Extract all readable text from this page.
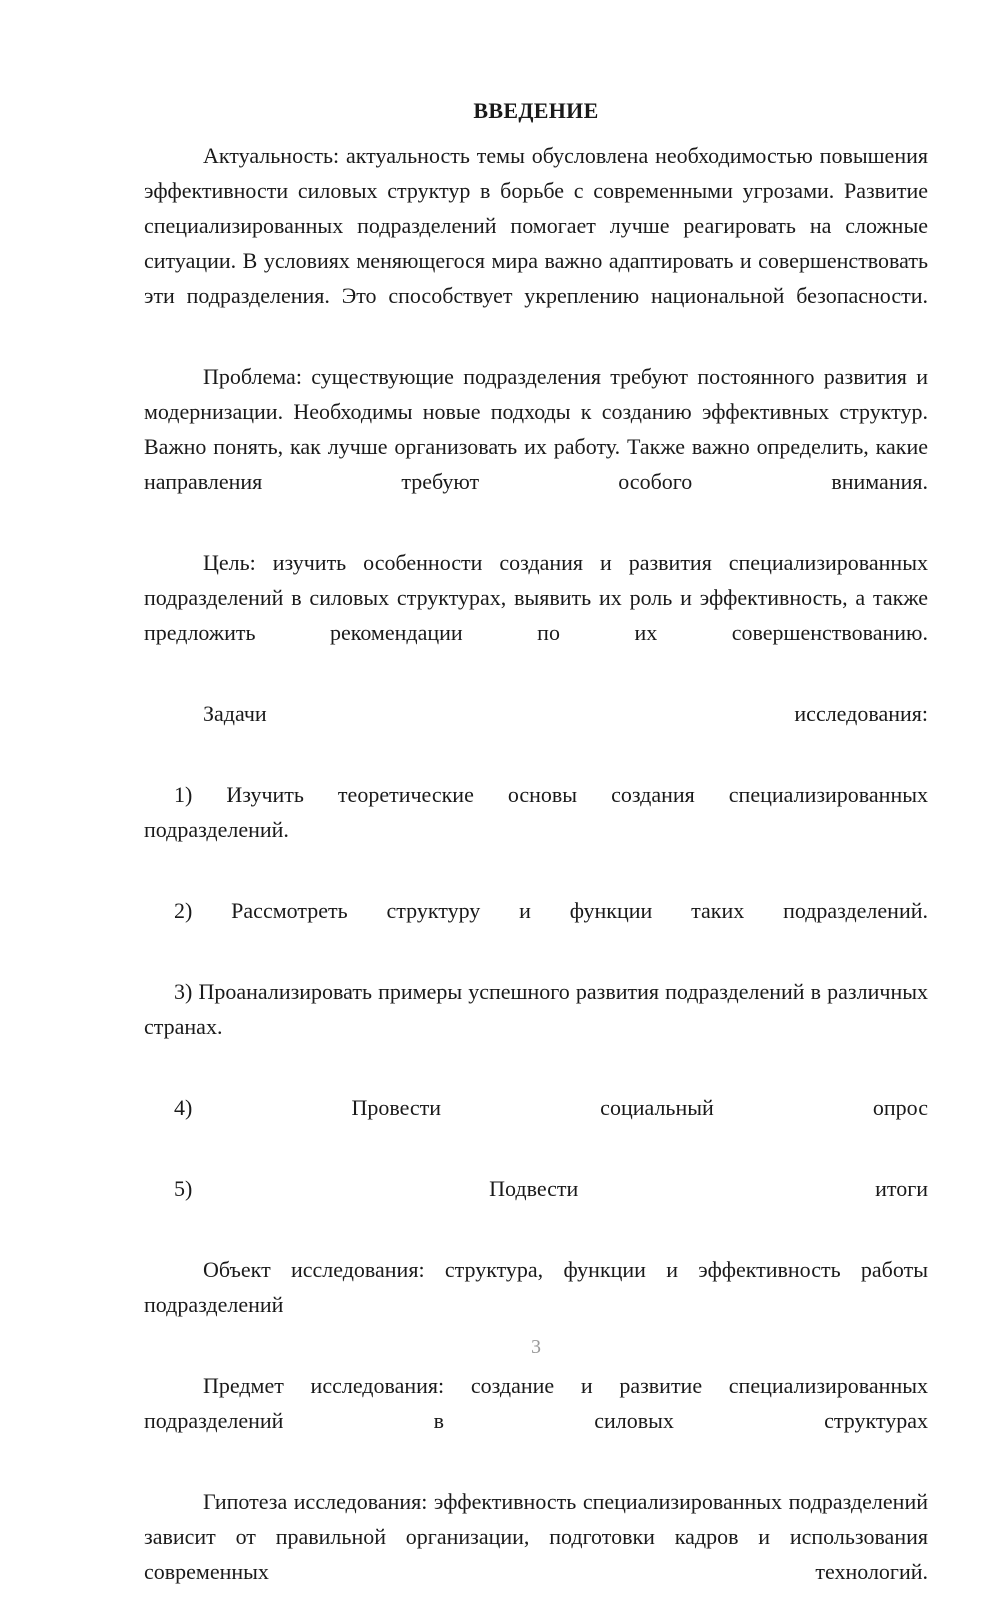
ВВЕДЕНИЕ

Актуальность: актуальность темы обусловлена необходимостью повышения эффективности силовых структур в борьбе с современными угрозами. Развитие специализированных подразделений помогает лучше реагировать на сложные ситуации. В условиях меняющегося мира важно адаптировать и совершенствовать эти подразделения. Это способствует укреплению национальной безопасности.

Проблема: существующие подразделения требуют постоянного развития и модернизации. Необходимы новые подходы к созданию эффективных структур. Важно понять, как лучше организовать их работу. Также важно определить, какие направления требуют особого внимания.

Цель: изучить особенности создания и развития специализированных подразделений в силовых структурах, выявить их роль и эффективность, а также предложить рекомендации по их совершенствованию.

Задачи исследования:

1) Изучить теоретические основы создания специализированных подразделений.

2) Рассмотреть структуру и функции таких подразделений.

3) Проанализировать примеры успешного развития подразделений в различных странах.

4) Провести социальный опрос

5) Подвести итоги

Объект исследования: структура, функции и эффективность работы подразделений

Предмет исследования: создание и развитие специализированных подразделений в силовых структурах

Гипотеза исследования: эффективность специализированных подразделений зависит от правильной организации, подготовки кадров и использования современных технологий.

3
